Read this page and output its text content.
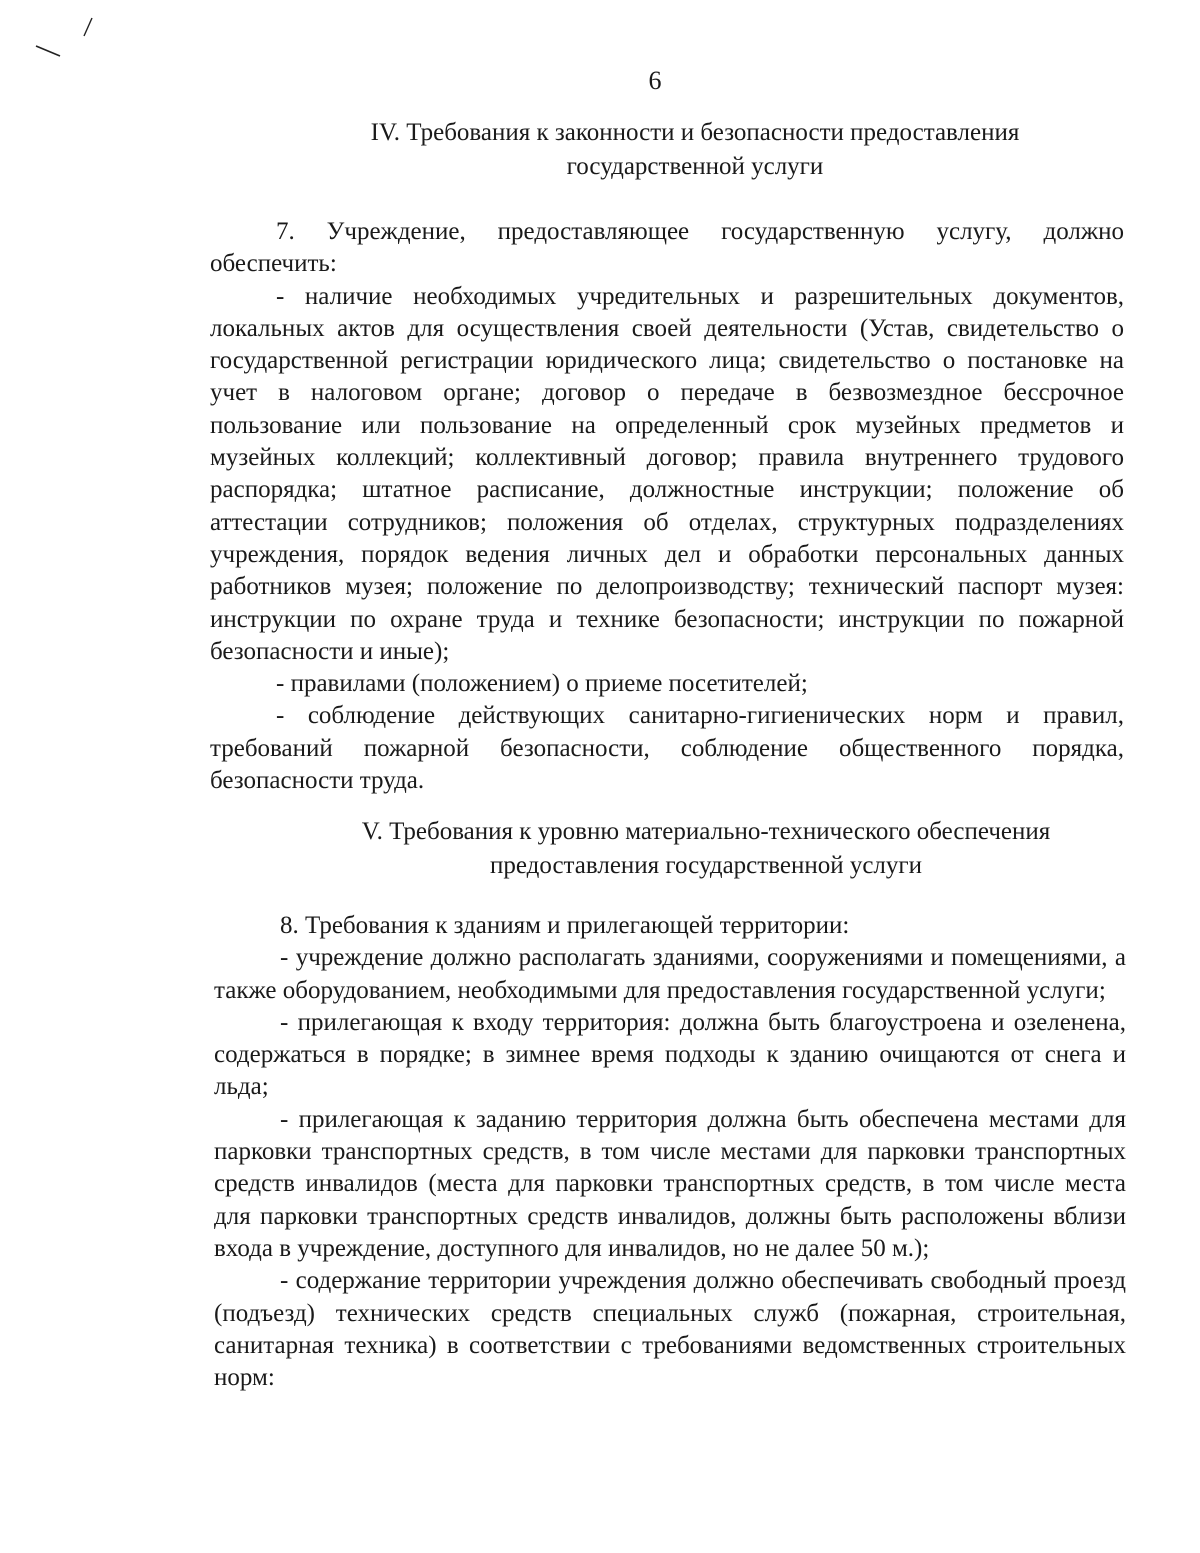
6
IV. Требования к законности и безопасности предоставления
государственной услуги

7. Учреждение, предоставляющее государственную услугу, должно обеспечить:

- наличие необходимых учредительных и разрешительных документов, локальных актов для осуществления своей деятельности (Устав, свидетельство о государственной регистрации юридического лица; свидетельство о постановке на учет в налоговом органе; договор о передаче в безвозмездное бессрочное пользование или пользование на определенный срок музейных предметов и музейных коллекций; коллективный договор; правила внутреннего трудового распорядка; штатное расписание, должностные инструкции; положение об аттестации сотрудников; положения об отделах, структурных подразделениях учреждения, порядок ведения личных дел и обработки персональных данных работников музея; положение по делопроизводству; технический паспорт музея: инструкции по охране труда и технике безопасности; инструкции по пожарной безопасности и иные);

- правилами (положением) о приеме посетителей;

- соблюдение действующих санитарно-гигиенических норм и правил, требований пожарной безопасности, соблюдение общественного порядка, безопасности труда.

V. Требования к уровню материально-технического обеспечения
предоставления государственной услуги

8. Требования к зданиям и прилегающей территории:

- учреждение должно располагать зданиями, сооружениями и помещениями, а также оборудованием, необходимыми для предоставления государственной услуги;

- прилегающая к входу территория: должна быть благоустроена и озеленена, содержаться в порядке; в зимнее время подходы к зданию очищаются от снега и льда;

- прилегающая к заданию территория должна быть обеспечена местами для парковки транспортных средств, в том числе местами для парковки транспортных средств инвалидов (места для парковки транспортных средств, в том числе места для парковки транспортных средств инвалидов, должны быть расположены вблизи входа в учреждение, доступного для инвалидов, но не далее 50 м.);

- содержание территории учреждения должно обеспечивать свободный проезд (подъезд) технических средств специальных служб (пожарная, строительная, санитарная техника) в соответствии с требованиями ведомственных строительных норм:
